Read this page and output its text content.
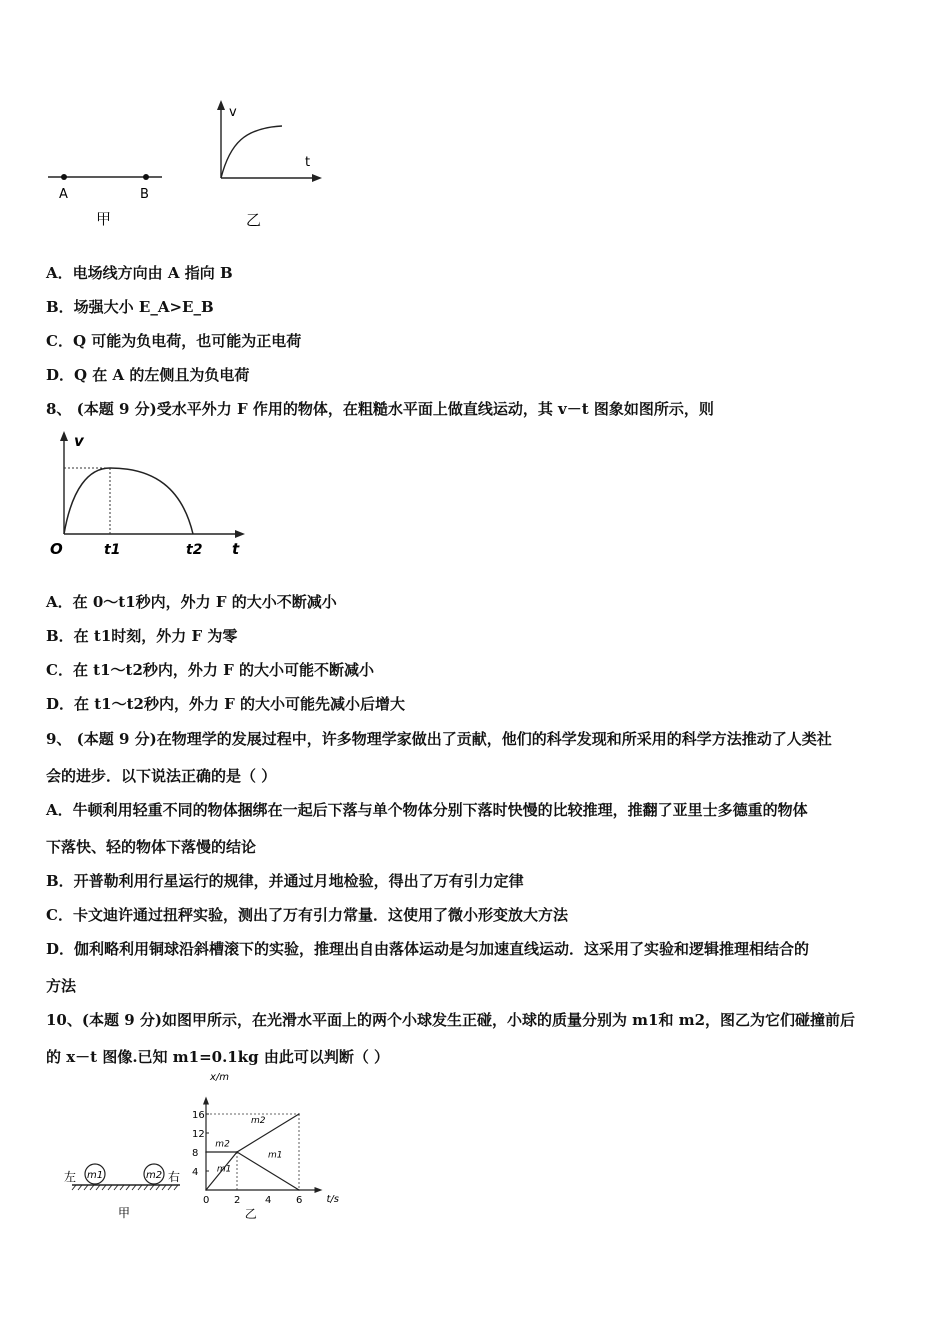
A	B
甲
v
t
乙
A．电场线方向由 A 指向 B
B．场强大小 E_A>E_B
C．Q 可能为负电荷，也可能为正电荷
D．Q 在 A 的左侧且为负电荷
8、 (本题 9 分)受水平外力 F 作用的物体，在粗糙水平面上做直线运动，其 v－t 图象如图所示，则
v
O	t1	t2 t
A．在 0～t1秒内，外力 F 的大小不断减小
B．在 t1时刻，外力 F 为零
C．在 t1～t2秒内，外力 F 的大小可能不断减小
D．在 t1～t2秒内，外力 F 的大小可能先减小后增大
9、 (本题 9 分)在物理学的发展过程中，许多物理学家做出了贡献，他们的科学发现和所采用的科学方法推动了人类社
会的进步．以下说法正确的是（ ）
A．牛顿利用轻重不同的物体捆绑在一起后下落与单个物体分别下落时快慢的比较推理，推翻了亚里士多德重的物体
下落快、轻的物体下落慢的结论
B．开普勒利用行星运行的规律，并通过月地检验，得出了万有引力定律
C．卡文迪许通过扭秤实验，测出了万有引力常量．这使用了微小形变放大方法
D．伽利略利用铜球沿斜槽滚下的实验，推理出自由落体运动是匀加速直线运动．这采用了实验和逻辑推理相结合的
方法
10、(本题 9 分)如图甲所示，在光滑水平面上的两个小球发生正碰，小球的质量分别为 m1和 m2，图乙为它们碰撞前后
的 x－t 图像.已知 m1=0.1kg 由此可以判断（ ）
左	右
m1	m2
甲
4
8
12
16
0 2 4 6
x/m
t/s
m1
m2
m2
m1
乙
